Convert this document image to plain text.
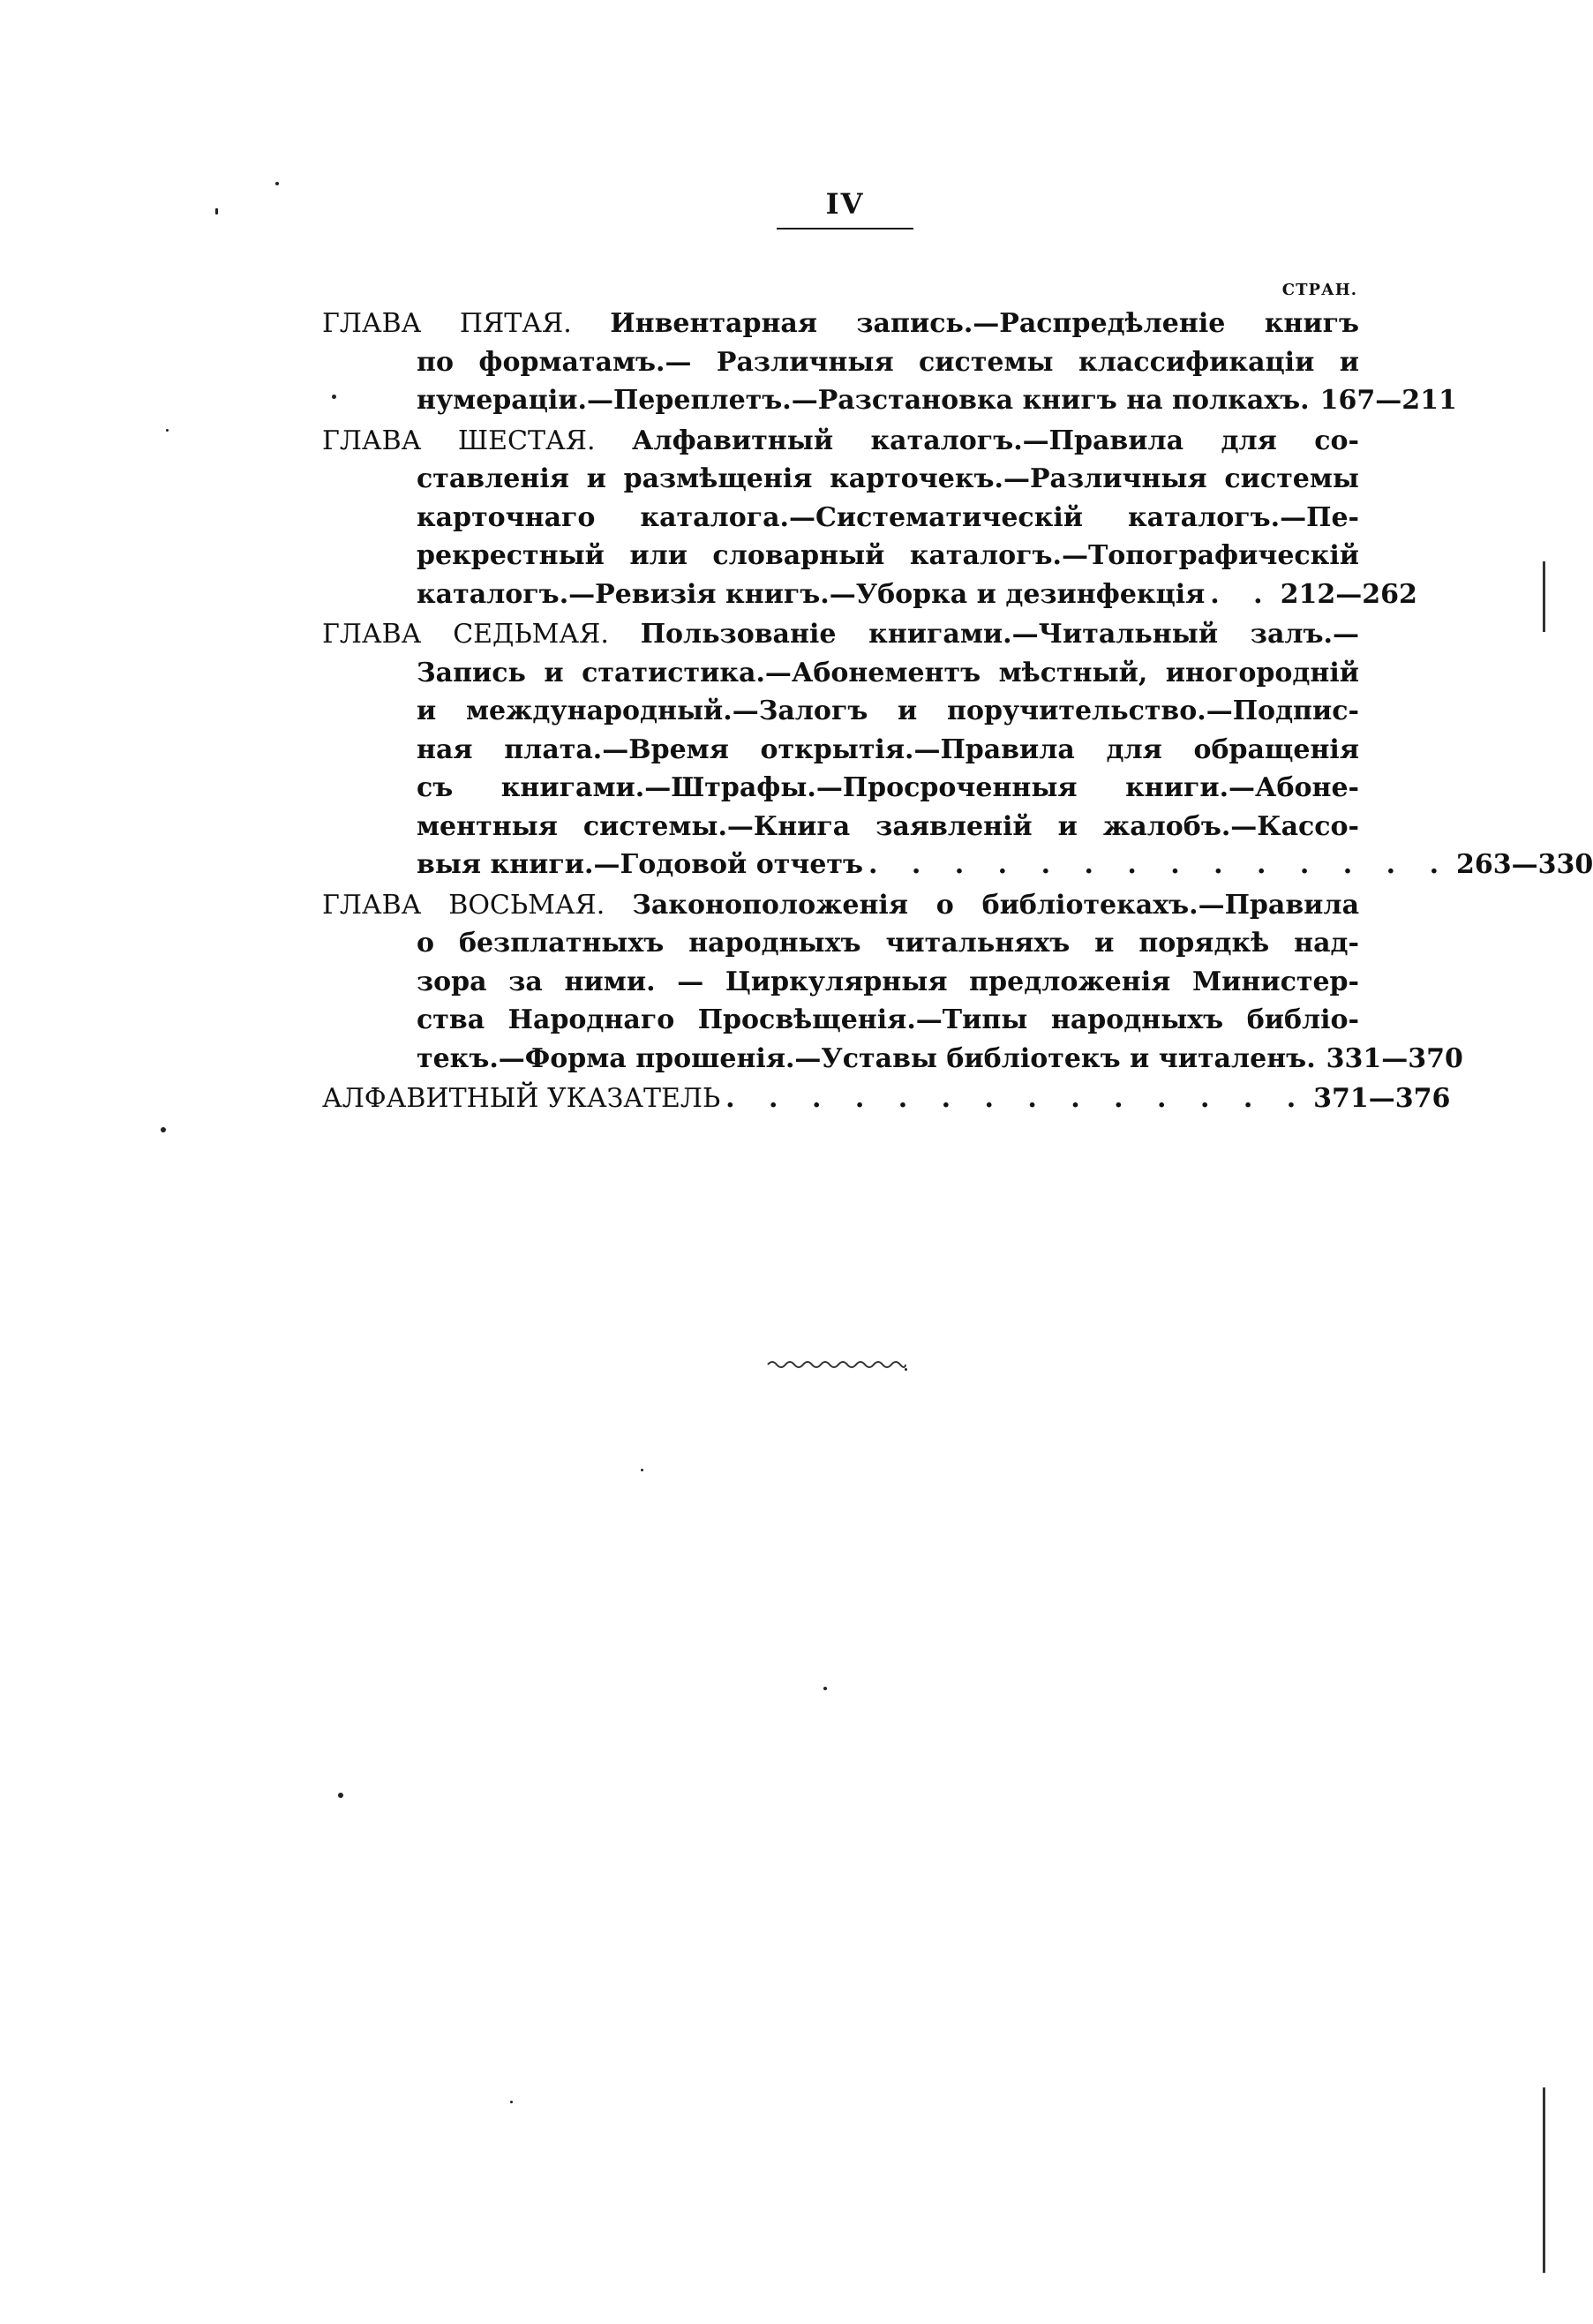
IV
СТРАН.
ГЛАВА ПЯТАЯ. Инвентарная запись.—Распредѣленіе книгъ
по форматамъ.— Различныя системы классификаціи и
нумераціи.—Переплетъ.—Разстановка книгъ на полкахъ. 167—211
ГЛАВА ШЕСТАЯ. Алфавитный каталогъ.—Правила для со-
ставленія и размѣщенія карточекъ.—Различныя системы
карточнаго каталога.—Систематическій каталогъ.—Пе-
рекрестный или словарный каталогъ.—Топографическій
каталогъ.—Ревизія книгъ.—Уборка и дезинфекція . . 212—262
ГЛАВА СЕДЬМАЯ. Пользованіе книгами.—Читальный залъ.—
Запись и статистика.—Абонементъ мѣстный, иногородній
и международный.—Залогъ и поручительство.—Подпис-
ная плата.—Время открытія.—Правила для обращенія
съ книгами.—Штрафы.—Просроченныя книги.—Абоне-
ментныя системы.—Книга заявленій и жалобъ.—Кассо-
выя книги.—Годовой отчетъ . . . . . . . . . . . . . . 263—330
ГЛАВА ВОСЬМАЯ. Законоположенія о библіотекахъ.—Правила
о безплатныхъ народныхъ читальняхъ и порядкѣ над-
зора за ними. — Циркулярныя предложенія Министер-
ства Народнаго Просвѣщенія.—Типы народныхъ библіо-
текъ.—Форма прошенія.—Уставы библіотекъ и читаленъ. 331—370
АЛФАВИТНЫЙ УКАЗАТЕЛЬ . . . . . . . . . . . . . . 371—376
